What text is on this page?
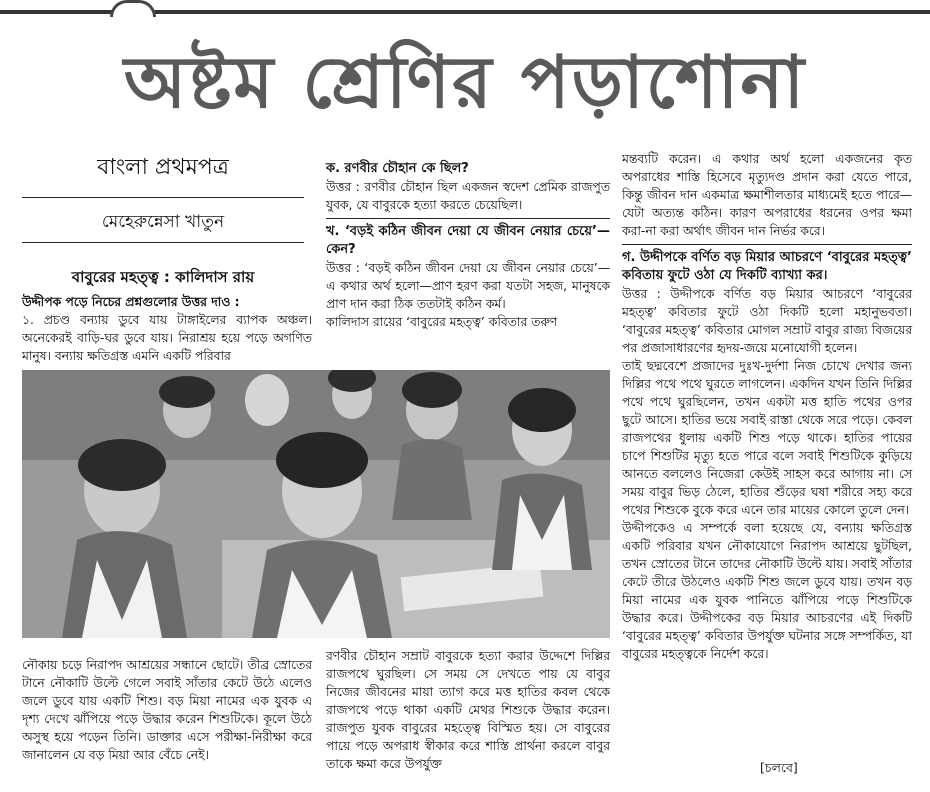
অষ্টম শ্রেণির পড়াশোনা
বাংলা প্রথমপত্র
মেহেরুন্নেসা খাতুন
বাবুরের মহত্ত্ব : কালিদাস রায়

উদ্দীপক পড়ে নিচের প্রশ্নগুলোর উত্তর দাও :

১. প্রচণ্ড বন্যায় ডুবে যায় টাঙ্গাইলের ব্যাপক অঞ্চল। অনেকেরই বাড়ি-ঘর ডুবে যায়। নিরাশ্রয় হয়ে পড়ে অগণিত মানুষ। বন্যায় ক্ষতিগ্রস্ত এমনি একটি পরিবার

ক. রণবীর চৌহান কে ছিল?

উত্তর : রণবীর চৌহান ছিল একজন স্বদেশ প্রেমিক রাজপুত যুবক, যে বাবুরকে হত্যা করতে চেয়েছিল।

খ. ‘বড়ই কঠিন জীবন দেয়া যে জীবন নেয়ার চেয়ে’—কেন?

উত্তর : ‘বড়ই কঠিন জীবন দেয়া যে জীবন নেয়ার চেয়ে’—এ কথার অর্থ হলো—প্রাণ হরণ করা যতটা সহজ, মানুষকে প্রাণ দান করা ঠিক ততটাই কঠিন কর্ম।

কালিদাস রায়ের ‘বাবুরের মহত্ত্ব’ কবিতার তরুণ

নৌকায় চড়ে নিরাপদ আশ্রয়ের সন্ধানে ছোটে। তীব্র স্রোতের টানে নৌকাটি উল্টে গেলে সবাই সাঁতার কেটে উঠে এলেও জলে ডুবে যায় একটি শিশু। বড় মিয়া নামের এক যুবক এ দৃশ্য দেখে ঝাঁপিয়ে পড়ে উদ্ধার করেন শিশুটিকে। কূলে উঠে অসুস্থ হয়ে পড়েন তিনি। ডাক্তার এসে পরীক্ষা-নিরীক্ষা করে জানালেন যে বড় মিয়া আর বেঁচে নেই।

রণবীর চৌহান সম্রাট বাবুরকে হত্যা করার উদ্দেশে দিল্লির রাজপথে ঘুরছিল। সে সময় সে দেখতে পায় যে বাবুর নিজের জীবনের মায়া ত্যাগ করে মত্ত হাতির কবল থেকে রাজপথে পড়ে থাকা একটি মেথর শিশুকে উদ্ধার করেন। রাজপুত যুবক বাবুরের মহত্ত্বে বিস্মিত হয়। সে বাবুরের পায়ে পড়ে অপরাধ স্বীকার করে শাস্তি প্রার্থনা করলে বাবুর তাকে ক্ষমা করে উপর্যুক্ত

মন্তব্যটি করেন। এ কথার অর্থ হলো একজনের কৃত অপরাধের শাস্তি হিসেবে মৃত্যুদণ্ড প্রদান করা যেতে পারে, কিন্তু জীবন দান একমাত্র ক্ষমাশীলতার মাধ্যমেই হতে পারে—যেটা অত্যন্ত কঠিন। কারণ অপরাধের ধরনের ওপর ক্ষমা করা-না করা অর্থাৎ জীবন দান নির্ভর করে।

গ. উদ্দীপকে বর্ণিত বড় মিয়ার আচরণে ‘বাবুরের মহত্ত্ব’ কবিতায় ফুটে ওঠা যে দিকটি ব্যাখ্যা কর।

উত্তর : উদ্দীপকে বর্ণিত বড় মিয়ার আচরণে ‘বাবুরের মহত্ত্ব’ কবিতার ফুটে ওঠা দিকটি হলো মহানুভবতা। ‘বাবুরের মহত্ত্ব’ কবিতার মোগল সম্রাট বাবুর রাজ্য বিজয়ের পর প্রজাসাধারণের হৃদয়-জয়ে মনোযোগী হলেন।

তাই ছদ্মবেশে প্রজাদের দুঃখ-দুর্দশা নিজ চোখে দেখার জন্য দিল্লির পথে পথে ঘুরতে লাগলেন। একদিন যখন তিনি দিল্লির পথে পথে ঘুরছিলেন, তখন একটা মত্ত হাতি পথের ওপর ছুটে আসে। হাতির ভয়ে সবাই রাস্তা থেকে সরে পড়ে। কেবল রাজপথের ধুলায় একটি শিশু পড়ে থাকে। হাতির পায়ের চাপে শিশুটির মৃত্যু হতে পারে বলে সবাই শিশুটিকে কুড়িয়ে আনতে বললেও নিজেরা কেউই সাহস করে আগায় না। সে সময় বাবুর ভিড় ঠেলে, হাতির শুঁড়ের ঘষা শরীরে সহ্য করে পথের শিশুকে বুকে করে এনে তার মায়ের কোলে তুলে দেন।

উদ্দীপকেও এ সম্পর্কে বলা হয়েছে যে, বন্যায় ক্ষতিগ্রস্ত একটি পরিবার যখন নৌকাযোগে নিরাপদ আশ্রয়ে ছুটছিল, তখন স্রোতের টানে তাদের নৌকাটি উল্টে যায়। সবাই সাঁতার কেটে তীরে উঠলেও একটি শিশু জলে ডুবে যায়। তখন বড় মিয়া নামের এক যুবক পানিতে ঝাঁপিয়ে পড়ে শিশুটিকে উদ্ধার করে। উদ্দীপকের বড় মিয়ার আচরণের এই দিকটি ‘বাবুরের মহত্ত্ব’ কবিতার উপর্যুক্ত ঘটনার সঙ্গে সম্পর্কিত, যা বাবুরের মহত্ত্বকে নির্দেশ করে।

[চলবে]
